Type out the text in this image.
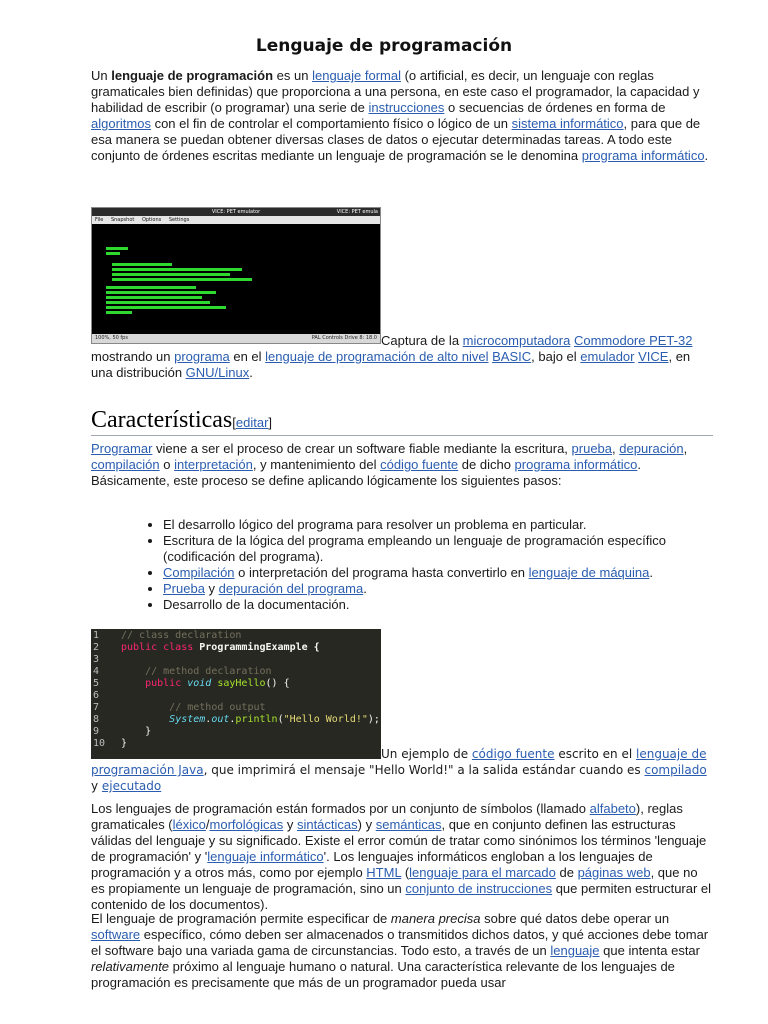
Lenguaje de programación
Un lenguaje de programación es un lenguaje formal (o artificial, es decir, un lenguaje con reglas gramaticales bien definidas) que proporciona a una persona, en este caso el programador, la capacidad y habilidad de escribir (o programar) una serie de instrucciones o secuencias de órdenes en forma de algoritmos con el fin de controlar el comportamiento físico o lógico de un sistema informático, para que de esa manera se puedan obtener diversas clases de datos o ejecutar determinadas tareas. A todo este conjunto de órdenes escritas mediante un lenguaje de programación se le denomina programa informático.
VICE: PET emulator	VICE: PET emula
File Snapshot Options Settings
100%, 50 fps	PAL Controls Drive 8: 18.0 Captura de la microcomputadora Commodore PET-32 mostrando un programa en el lenguaje de programación de alto nivel BASIC, bajo el emulador VICE, en una distribución GNU/Linux.
Características[editar]
Programar viene a ser el proceso de crear un software fiable mediante la escritura, prueba, depuración, compilación o interpretación, y mantenimiento del código fuente de dicho programa informático. Básicamente, este proceso se define aplicando lógicamente los siguientes pasos:
• El desarrollo lógico del programa para resolver un problema en particular.
• Escritura de la lógica del programa empleando un lenguaje de programación específico (codificación del programa).
• Compilación o interpretación del programa hasta convertirlo en lenguaje de máquina.
• Prueba y depuración del programa.
• Desarrollo de la documentación.
1
2
3
4
5
6
7
8
9
10
// class declaration
public class ProgrammingExample {
// method declaration
public void sayHello() {
// method output
System.out.println("Hello World!");
}
}
Un ejemplo de código fuente escrito en el lenguaje de programación Java, que imprimirá el mensaje "Hello World!" a la salida estándar cuando es compilado y ejecutado
Los lenguajes de programación están formados por un conjunto de símbolos (llamado alfabeto), reglas gramaticales (léxico/morfológicas y sintácticas) y semánticas, que en conjunto definen las estructuras válidas del lenguaje y su significado. Existe el error común de tratar como sinónimos los términos 'lenguaje de programación' y 'lenguaje informático'. Los lenguajes informáticos engloban a los lenguajes de programación y a otros más, como por ejemplo HTML (lenguaje para el marcado de páginas web, que no es propiamente un lenguaje de programación, sino un conjunto de instrucciones que permiten estructurar el contenido de los documentos).
El lenguaje de programación permite especificar de manera precisa sobre qué datos debe operar un software específico, cómo deben ser almacenados o transmitidos dichos datos, y qué acciones debe tomar el software bajo una variada gama de circunstancias. Todo esto, a través de un lenguaje que intenta estar relativamente próximo al lenguaje humano o natural. Una característica relevante de los lenguajes de programación es precisamente que más de un programador pueda usar
